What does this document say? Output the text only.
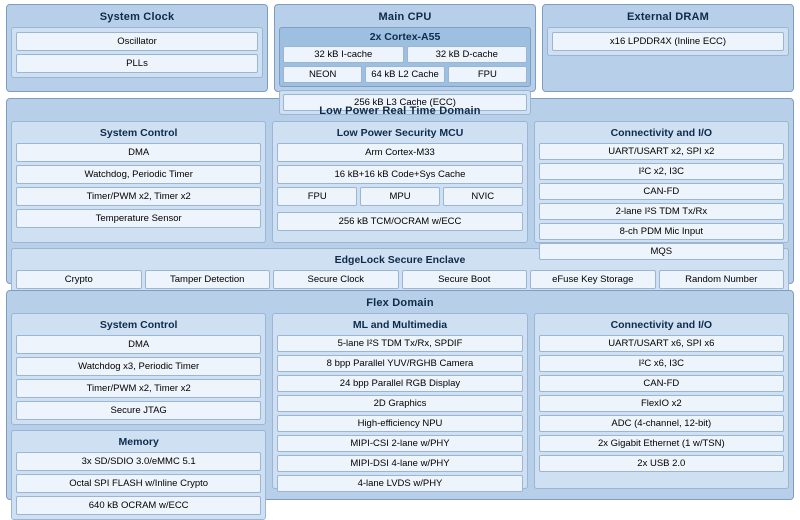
System Clock
Oscillator
PLLs
Main CPU
2x Cortex-A55
32 kB I-cache	32 kB D-cache
NEON	64 kB L2 Cache	FPU
256 kB L3 Cache (ECC)
External DRAM
x16 LPDDR4X (Inline ECC)
Low Power Real Time Domain
System Control
DMA
Watchdog, Periodic Timer
Timer/PWM x2, Timer x2
Temperature Sensor
Low Power Security MCU
Arm Cortex-M33
16 kB+16 kB Code+Sys Cache
FPU	MPU	NVIC
256 kB TCM/OCRAM w/ECC
Connectivity and I/O
UART/USART x2, SPI x2
I²C x2, I3C
CAN-FD
2-lane I²S TDM Tx/Rx
8-ch PDM Mic Input
MQS
EdgeLock Secure Enclave
Crypto	Tamper Detection	Secure Clock	Secure Boot	eFuse Key Storage	Random Number
Flex Domain
System Control
DMA
Watchdog x3, Periodic Timer
Timer/PWM x2, Timer x2
Secure JTAG
Memory
3x SD/SDIO 3.0/eMMC 5.1
Octal SPI FLASH w/Inline Crypto
640 kB OCRAM w/ECC
ML and Multimedia
5-lane I²S TDM Tx/Rx, SPDIF
8 bpp Parallel YUV/RGHB Camera
24 bpp Parallel RGB Display
2D Graphics
High-efficiency NPU
MIPI-CSI 2-lane w/PHY
MIPI-DSI 4-lane w/PHY
4-lane LVDS w/PHY
Connectivity and I/O
UART/USART x6, SPI x6
I²C x6, I3C
CAN-FD
FlexIO x2
ADC (4-channel, 12-bit)
2x Gigabit Ethernet (1 w/TSN)
2x USB 2.0
